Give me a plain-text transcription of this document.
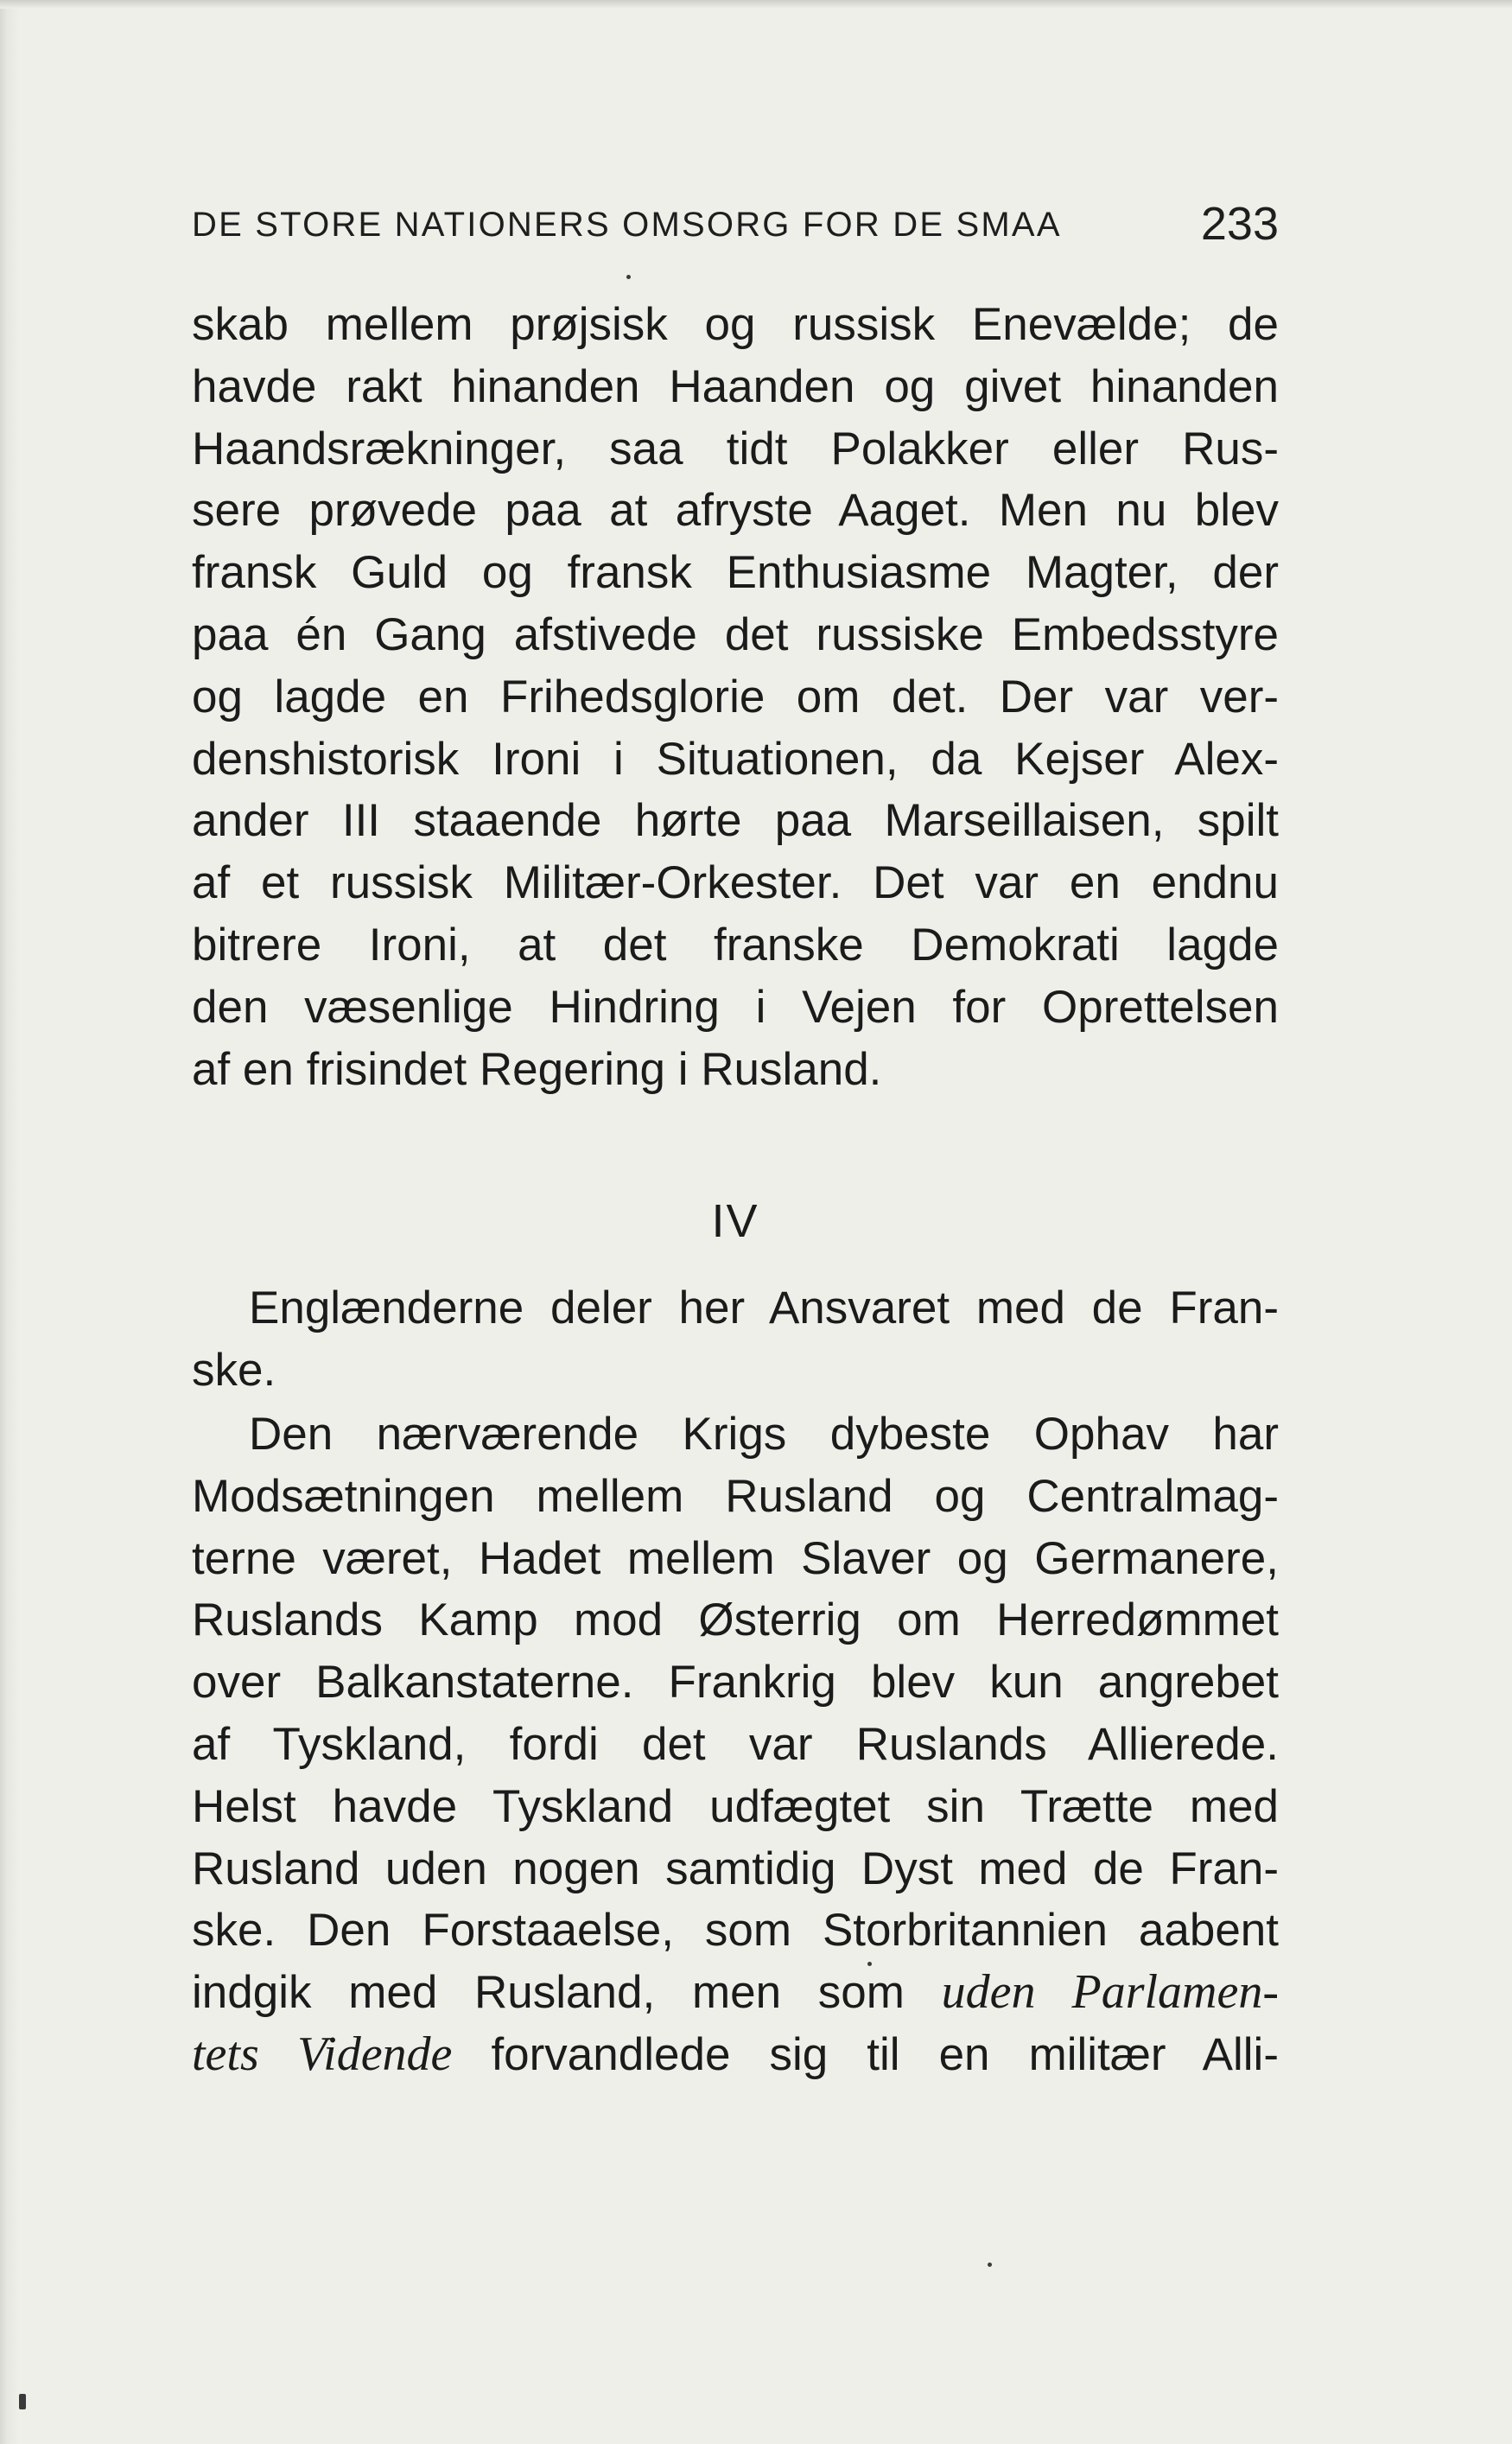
DE STORE NATIONERS OMSORG FOR DE SMAA	233
skab mellem prøjsisk og russisk Enevælde; de
havde rakt hinanden Haanden og givet hinanden
Haandsrækninger, saa tidt Polakker eller Rus-
sere prøvede paa at afryste Aaget. Men nu blev
fransk Guld og fransk Enthusiasme Magter, der
paa én Gang afstivede det russiske Embedsstyre
og lagde en Frihedsglorie om det. Der var ver-
denshistorisk Ironi i Situationen, da Kejser Alex-
ander III staaende hørte paa Marseillaisen, spilt
af et russisk Militær-Orkester. Det var en endnu
bitrere Ironi, at det franske Demokrati lagde
den væsenlige Hindring i Vejen for Oprettelsen
af en frisindet Regering i Rusland.
IV
Englænderne deler her Ansvaret med de Fran-
ske.
Den nærværende Krigs dybeste Ophav har
Modsætningen mellem Rusland og Centralmag-
terne været, Hadet mellem Slaver og Germanere,
Ruslands Kamp mod Østerrig om Herredømmet
over Balkanstaterne. Frankrig blev kun angrebet
af Tyskland, fordi det var Ruslands Allierede.
Helst havde Tyskland udfægtet sin Trætte med
Rusland uden nogen samtidig Dyst med de Fran-
ske. Den Forstaaelse, som Storbritannien aabent
indgik med Rusland, men som uden Parlamen-
tets Vidende forvandlede sig til en militær Alli-
